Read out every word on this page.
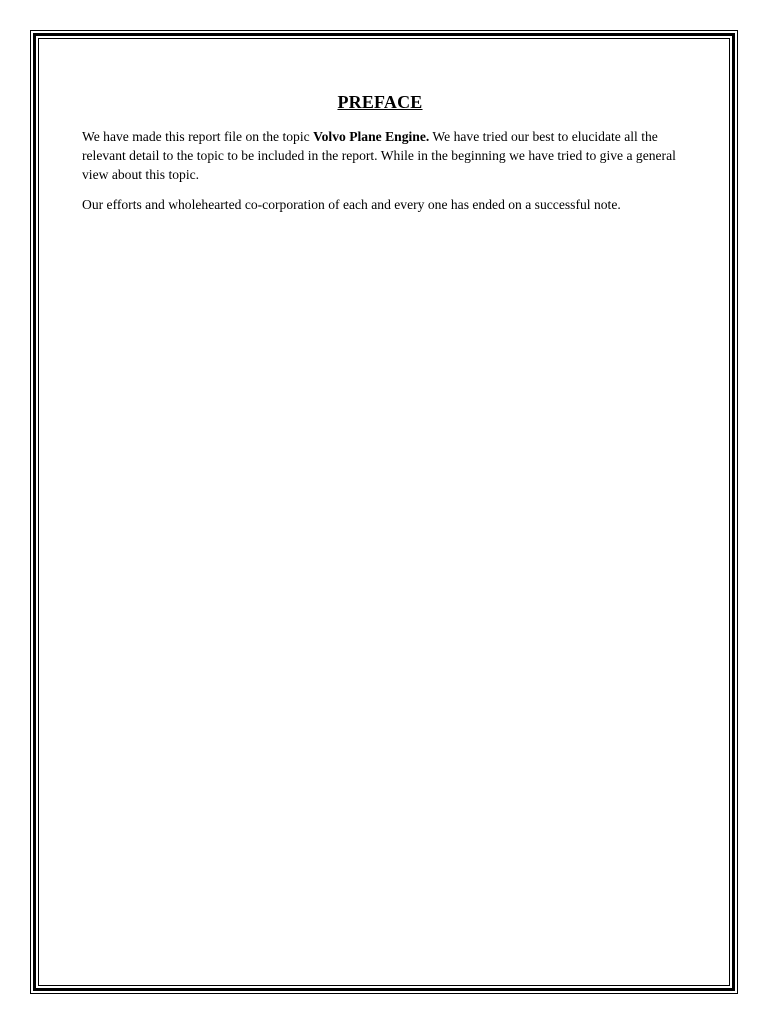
PREFACE

We have made this report file on the topic Volvo Plane Engine. We have tried our best to elucidate all the relevant detail to the topic to be included in the report. While in the beginning we have tried to give a general view about this topic.

Our efforts and wholehearted co-corporation of each and every one has ended on a successful note.
